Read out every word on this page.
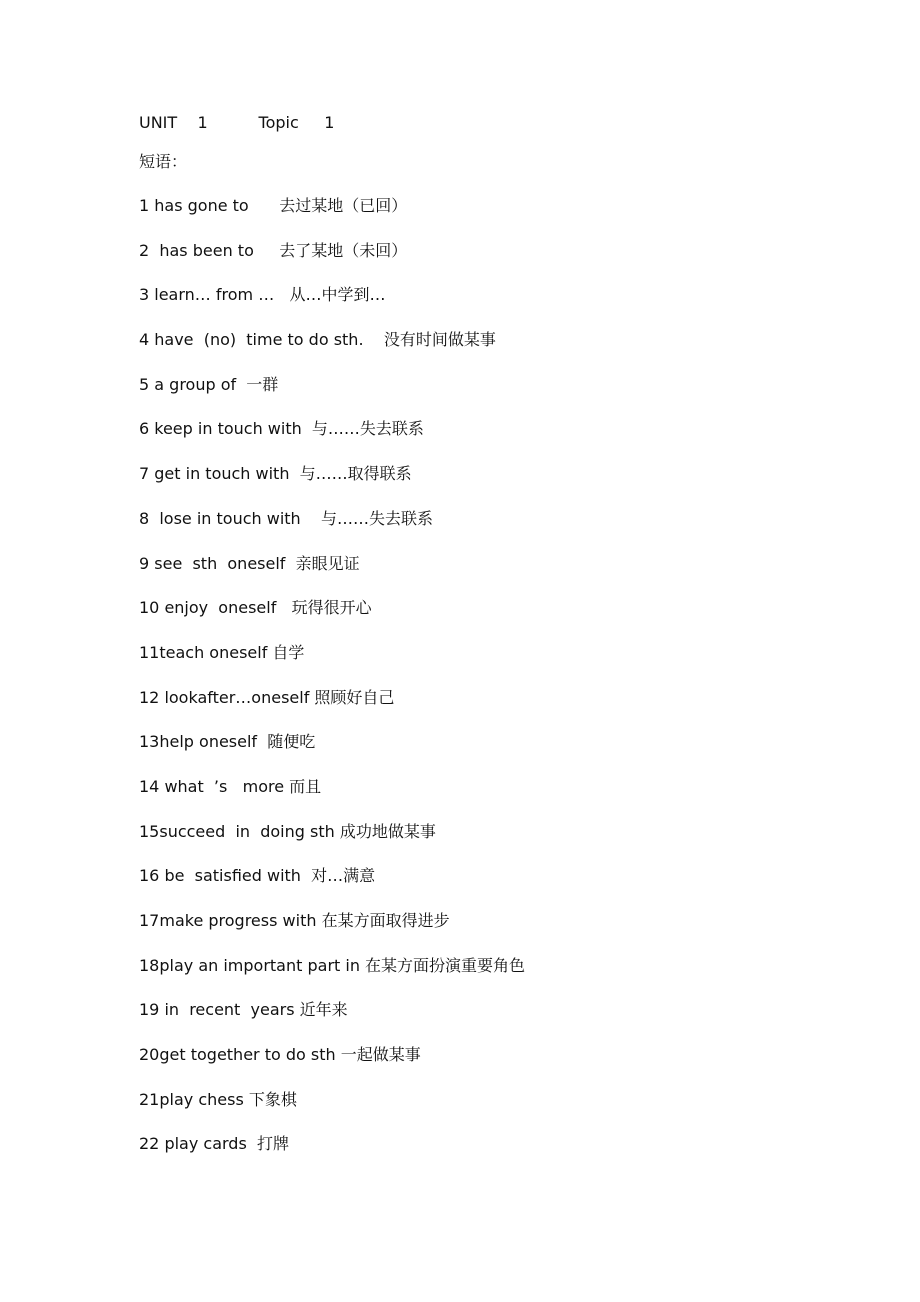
UNIT    1          Topic     1
短语：
1 has gone to      去过某地（已回）
2  has been to     去了某地（未回）
3 learn… from …   从…中学到…
4 have  (no)  time to do sth.    没有时间做某事
5 a group of  一群
6 keep in touch with  与……失去联系
7 get in touch with  与……取得联系
8  lose in touch with    与……失去联系
9 see  sth  oneself  亲眼见证
10 enjoy  oneself   玩得很开心
11teach oneself 自学
12 lookafter…oneself 照顾好自己
13help oneself  随便吃
14 what  ’s   more 而且
15succeed  in  doing sth 成功地做某事
16 be  satisfied with  对…满意
17make progress with 在某方面取得进步
18play an important part in 在某方面扮演重要角色
19 in  recent  years 近年来
20get together to do sth 一起做某事
21play chess 下象棋
22 play cards  打牌
